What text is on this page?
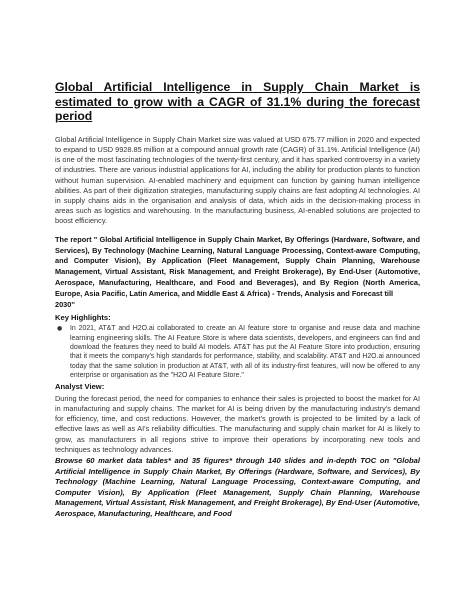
Global Artificial Intelligence in Supply Chain Market is estimated to grow with a CAGR of 31.1% during the forecast period

Global Artificial Intelligence in Supply Chain Market size was valued at USD 675.77 million in 2020 and expected to expand to USD 9928.85 million at a compound annual growth rate (CAGR) of 31.1%. Artificial Intelligence (AI) is one of the most fascinating technologies of the twenty-first century, and it has sparked controversy in a variety of industries. There are various industrial applications for AI, including the ability for production plants to function without human supervision. AI-enabled machinery and equipment can function by gaining human intelligence abilities. As part of their digitization strategies, manufacturing supply chains are fast adopting AI technologies. AI in supply chains aids in the organisation and analysis of data, which aids in the decision-making process in areas such as logistics and warehousing. In the manufacturing business, AI-enabled solutions are projected to boost efficiency.

The report " Global Artificial Intelligence in Supply Chain Market, By Offerings (Hardware, Software, and Services), By Technology (Machine Learning, Natural Language Processing, Context-aware Computing, and Computer Vision), By Application (Fleet Management, Supply Chain Planning, Warehouse Management, Virtual Assistant, Risk Management, and Freight Brokerage), By End-User (Automotive, Aerospace, Manufacturing, Healthcare, and Food and Beverages), and By Region (North America, Europe, Asia Pacific, Latin America, and Middle East & Africa) - Trends, Analysis and Forecast till
2030''

Key Highlights:
●	In 2021, AT&T and H2O.ai collaborated to create an AI feature store to organise and reuse data and machine learning engineering skills. The AI Feature Store is where data scientists, developers, and engineers can find and download the features they need to build AI models. AT&T has put the AI Feature Store into production, ensuring that it meets the company's high standards for performance, stability, and scalability. AT&T and H2O.ai announced today that the same solution in production at AT&T, with all of its industry-first features, will now be offered to any enterprise or organisation as the "H2O AI Feature Store."
Analyst View:

During the forecast period, the need for companies to enhance their sales is projected to boost the market for AI in manufacturing and supply chains. The market for AI is being driven by the manufacturing industry's demand for efficiency, time, and cost reductions. However, the market's growth is projected to be limited by a lack of effective laws as well as AI's reliability difficulties. The manufacturing and supply chain market for AI is likely to grow, as manufacturers in all regions strive to improve their operations by incorporating new tools and techniques as technology advances.

Browse 60 market data tables* and 35 figures* through 140 slides and in-depth TOC on "Global Artificial Intelligence in Supply Chain Market, By Offerings (Hardware, Software, and Services), By Technology (Machine Learning, Natural Language Processing, Context-aware Computing, and Computer Vision), By Application (Fleet Management, Supply Chain Planning, Warehouse Management, Virtual Assistant, Risk Management, and Freight Brokerage), By End-User (Automotive, Aerospace, Manufacturing, Healthcare, and Food
